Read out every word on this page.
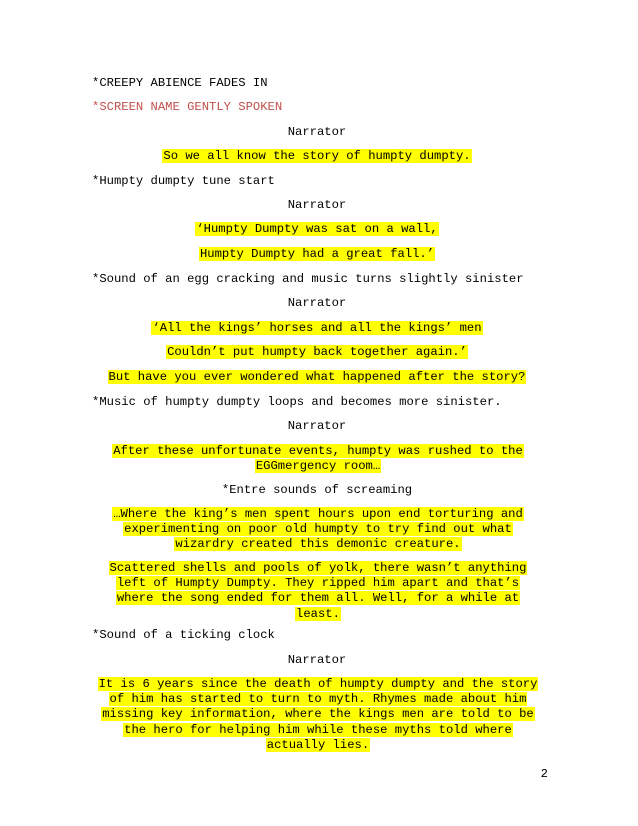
*CREEPY ABIENCE FADES IN
*SCREEN NAME GENTLY SPOKEN
Narrator
So we all know the story of humpty dumpty.
*Humpty dumpty tune start
Narrator
‘Humpty Dumpty was sat on a wall,
Humpty Dumpty had a great fall.’
*Sound of an egg cracking and music turns slightly sinister
Narrator
‘All the kings’ horses and all the kings’ men
Couldn’t put humpty back together again.’
But have you ever wondered what happened after the story?
*Music of humpty dumpty loops and becomes more sinister.
Narrator
After these unfortunate events, humpty was rushed to the EGGmergency room…
*Entre sounds of screaming
…Where the king’s men spent hours upon end torturing and experimenting on poor old humpty to try find out what wizardry created this demonic creature.
Scattered shells and pools of yolk, there wasn’t anything left of Humpty Dumpty. They ripped him apart and that’s where the song ended for them all. Well, for a while at least.
*Sound of a ticking clock
Narrator
It is 6 years since the death of humpty dumpty and the story of him has started to turn to myth. Rhymes made about him missing key information, where the kings men are told to be the hero for helping him while these myths told where actually lies.
2
